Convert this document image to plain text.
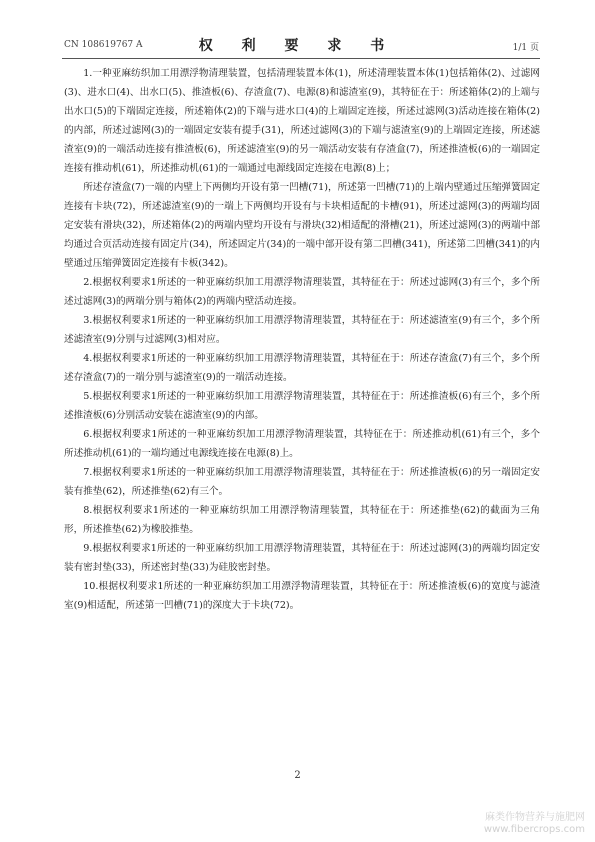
CN 108619767 A	权 利 要 求 书	1/1 页

1.一种亚麻纺织加工用漂浮物清理装置，包括清理装置本体(1)，所述清理装置本体(1)包括箱体(2)、过滤网(3)、进水口(4)、出水口(5)、推渣板(6)、存渣盒(7)、电源(8)和滤渣室(9)，其特征在于：所述箱体(2)的上端与出水口(5)的下端固定连接，所述箱体(2)的下端与进水口(4)的上端固定连接，所述过滤网(3)活动连接在箱体(2)的内部，所述过滤网(3)的一端固定安装有提手(31)，所述过滤网(3)的下端与滤渣室(9)的上端固定连接，所述滤渣室(9)的一端活动连接有推渣板(6)，所述滤渣室(9)的另一端活动安装有存渣盒(7)，所述推渣板(6)的一端固定连接有推动机(61)，所述推动机(61)的一端通过电源线固定连接在电源(8)上；

所述存渣盒(7)一端的内壁上下两侧均开设有第一凹槽(71)，所述第一凹槽(71)的上端内壁通过压缩弹簧固定连接有卡块(72)，所述滤渣室(9)的一端上下两侧均开设有与卡块相适配的卡槽(91)，所述过滤网(3)的两端均固定安装有滑块(32)，所述箱体(2)的两端内壁均开设有与滑块(32)相适配的滑槽(21)，所述过滤网(3)的两端中部均通过合页活动连接有固定片(34)，所述固定片(34)的一端中部开设有第二凹槽(341)，所述第二凹槽(341)的内壁通过压缩弹簧固定连接有卡板(342)。

2.根据权利要求1所述的一种亚麻纺织加工用漂浮物清理装置，其特征在于：所述过滤网(3)有三个，多个所述过滤网(3)的两端分别与箱体(2)的两端内壁活动连接。

3.根据权利要求1所述的一种亚麻纺织加工用漂浮物清理装置，其特征在于：所述滤渣室(9)有三个，多个所述滤渣室(9)分别与过滤网(3)相对应。

4.根据权利要求1所述的一种亚麻纺织加工用漂浮物清理装置，其特征在于：所述存渣盒(7)有三个，多个所述存渣盒(7)的一端分别与滤渣室(9)的一端活动连接。

5.根据权利要求1所述的一种亚麻纺织加工用漂浮物清理装置，其特征在于：所述推渣板(6)有三个，多个所述推渣板(6)分别活动安装在滤渣室(9)的内部。

6.根据权利要求1所述的一种亚麻纺织加工用漂浮物清理装置，其特征在于：所述推动机(61)有三个，多个所述推动机(61)的一端均通过电源线连接在电源(8)上。

7.根据权利要求1所述的一种亚麻纺织加工用漂浮物清理装置，其特征在于：所述推渣板(6)的另一端固定安装有推垫(62)，所述推垫(62)有三个。

8.根据权利要求1所述的一种亚麻纺织加工用漂浮物清理装置，其特征在于：所述推垫(62)的截面为三角形，所述推垫(62)为橡胶推垫。

9.根据权利要求1所述的一种亚麻纺织加工用漂浮物清理装置，其特征在于：所述过滤网(3)的两端均固定安装有密封垫(33)，所述密封垫(33)为硅胶密封垫。

10.根据权利要求1所述的一种亚麻纺织加工用漂浮物清理装置，其特征在于：所述推渣板(6)的宽度与滤渣室(9)相适配，所述第一凹槽(71)的深度大于卡块(72)。

2
麻类作物营养与施肥网
www.fibercrops.com
